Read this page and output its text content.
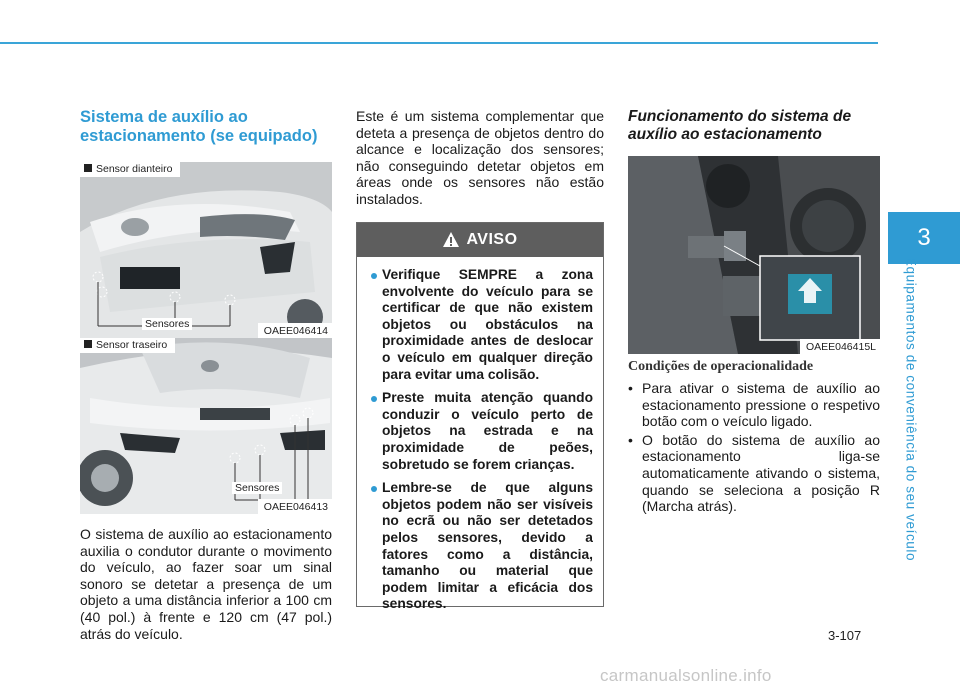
3
Equipamentos de conveniência do seu veículo
Sistema de auxílio ao estacionamento (se equipado)
Sensor dianteiro
Sensores
OAEE046414
Sensor traseiro
Sensores
OAEE046413

O sistema de auxílio ao estacionamento auxilia o condutor durante o movimento do veículo, ao fazer soar um sinal sonoro se detetar a presença de um objeto a uma distância inferior a 100 cm (40 pol.) à frente e 120 cm (47 pol.) atrás do veículo.

Este é um sistema complementar que deteta a presença de objetos dentro do alcance e localização dos sensores; não conseguindo detetar objetos em áreas onde os sensores não estão instalados.

AVISO
Verifique SEMPRE a zona envolvente do veículo para se certificar de que não existem objetos ou obstáculos na proximidade antes de deslocar o veículo em qualquer direção para evitar uma colisão.
Preste muita atenção quando conduzir o veículo perto de objetos na estrada e na proximidade de peões, sobretudo se forem crianças.
Lembre-se de que alguns objetos podem não ser visíveis no ecrã ou não ser detetados pelos sensores, devido a fatores como a distância, tamanho ou material que podem limitar a eficácia dos sensores.
Funcionamento do sistema de auxílio ao estacionamento
OAEE046415L
Condições de operacionalidade
• Para ativar o sistema de auxílio ao estacionamento pressione o respetivo botão com o veículo ligado.
• O botão do sistema de auxílio ao estacionamento liga-se automaticamente ativando o sistema, quando se seleciona a posição R (Marcha atrás).
3-107
carmanualsonline.info
